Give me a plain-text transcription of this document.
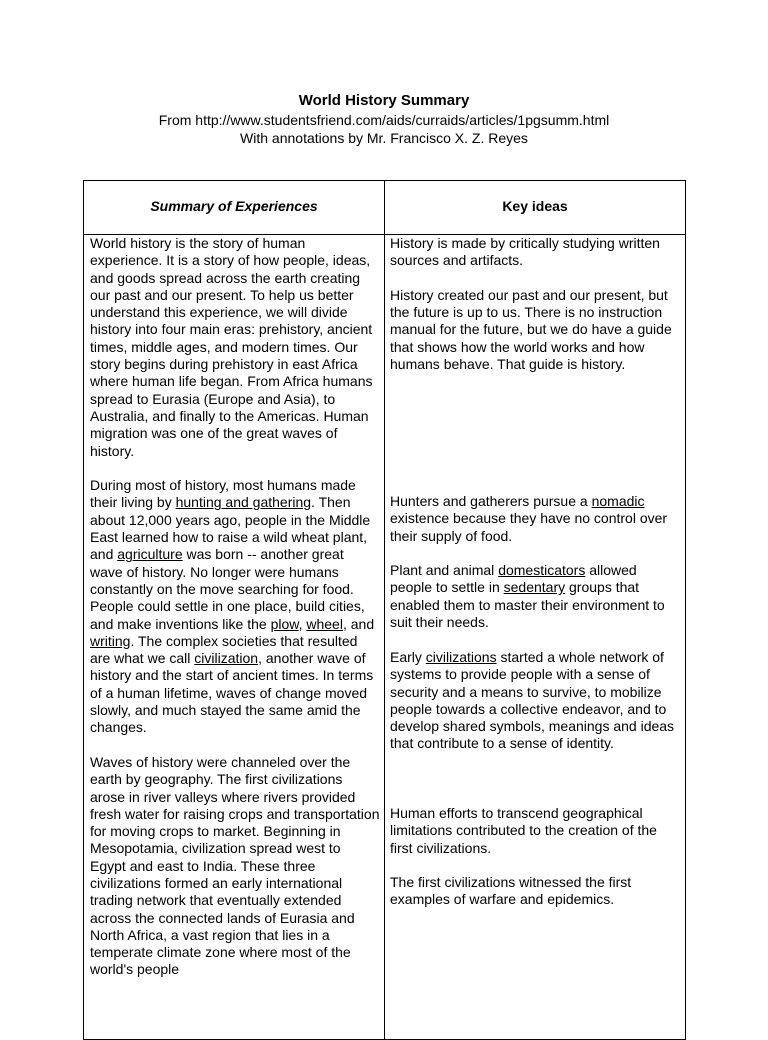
World History Summary

From http://www.studentsfriend.com/aids/curraids/articles/1pgsumm.html

With annotations by Mr. Francisco X. Z. Reyes

Summary of Experiences	Key ideas

World history is the story of human experience. It is a story of how people, ideas, and goods spread across the earth creating our past and our present. To help us better understand this experience, we will divide history into four main eras: prehistory, ancient times, middle ages, and modern times. Our story begins during prehistory in east Africa where human life began. From Africa humans spread to Eurasia (Europe and Asia), to Australia, and finally to the Americas. Human migration was one of the great waves of history.

During most of history, most humans made their living by hunting and gathering. Then about 12,000 years ago, people in the Middle East learned how to raise a wild wheat plant, and agriculture was born -- another great wave of history. No longer were humans constantly on the move searching for food. People could settle in one place, build cities, and make inventions like the plow, wheel, and writing. The complex societies that resulted are what we call civilization, another wave of history and the start of ancient times. In terms of a human lifetime, waves of change moved slowly, and much stayed the same amid the changes.

Waves of history were channeled over the earth by geography. The first civilizations arose in river valleys where rivers provided fresh water for raising crops and transportation for moving crops to market. Beginning in Mesopotamia, civilization spread west to Egypt and east to India. These three civilizations formed an early international trading network that eventually extended across the connected lands of Eurasia and North Africa, a vast region that lies in a temperate climate zone where most of the world's people

History is made by critically studying written sources and artifacts.

History created our past and our present, but the future is up to us. There is no instruction manual for the future, but we do have a guide that shows how the world works and how humans behave. That guide is history.

Hunters and gatherers pursue a nomadic existence because they have no control over their supply of food.

Plant and animal domesticators allowed people to settle in sedentary groups that enabled them to master their environment to suit their needs.

Early civilizations started a whole network of systems to provide people with a sense of security and a means to survive, to mobilize people towards a collective endeavor, and to develop shared symbols, meanings and ideas that contribute to a sense of identity.

Human efforts to transcend geographical limitations contributed to the creation of the first civilizations.

The first civilizations witnessed the first examples of warfare and epidemics.
